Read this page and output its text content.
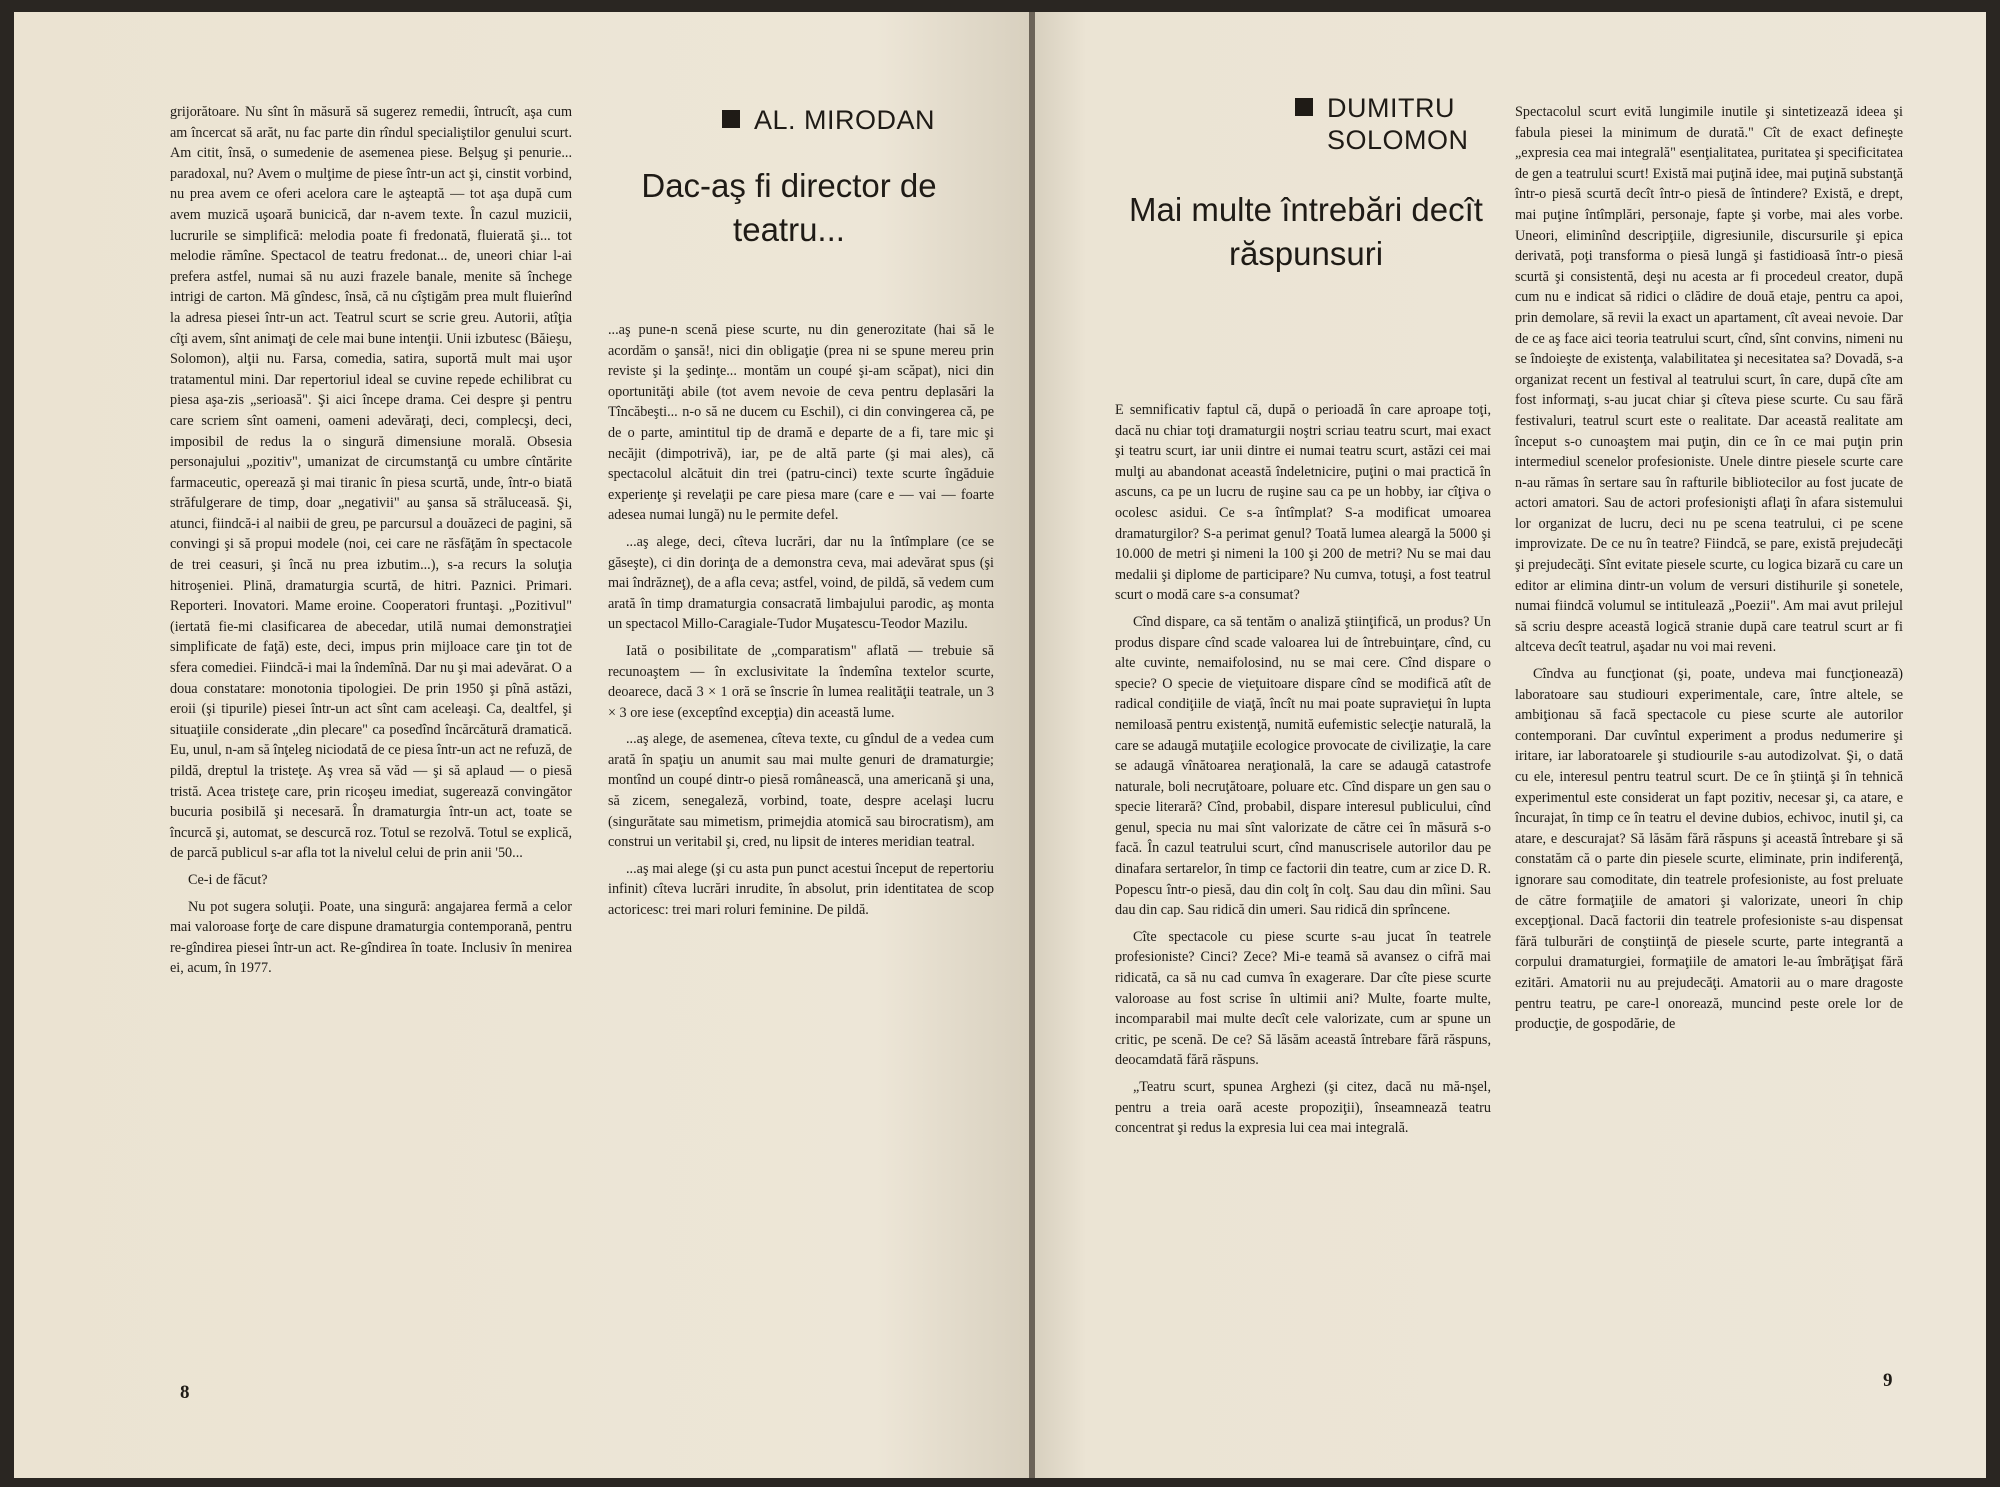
grijorătoare. Nu sînt în măsură să sugerez remedii, întrucît, aşa cum am încercat să arăt, nu fac parte din rîndul specialiştilor genului scurt. Am citit, însă, o sumedenie de asemenea piese. Belşug şi penurie... paradoxal, nu? Avem o mulţime de piese într-un act şi, cinstit vorbind, nu prea avem ce oferi acelora care le aşteaptă — tot aşa după cum avem muzică uşoară bunicică, dar n-avem texte. În cazul muzicii, lucrurile se simplifică: melodia poate fi fredonată, fluierată şi... tot melodie rămîne. Spectacol de teatru fredonat... de, uneori chiar l-ai prefera astfel, numai să nu auzi frazele banale, menite să închege intrigi de carton. Mă gîndesc, însă, că nu cîştigăm prea mult fluierînd la adresa piesei într-un act. Teatrul scurt se scrie greu. Autorii, atîţia cîţi avem, sînt animaţi de cele mai bune intenţii. Unii izbutesc (Băieşu, Solomon), alţii nu. Farsa, comedia, satira, suportă mult mai uşor tratamentul mini. Dar repertoriul ideal se cuvine repede echilibrat cu piesa aşa-zis „serioasă". Şi aici începe drama. Cei despre şi pentru care scriem sînt oameni, oameni adevăraţi, deci, complecşi, deci, imposibil de redus la o singură dimensiune morală. Obsesia personajului „pozitiv", umanizat de circumstanţă cu umbre cîntărite farmaceutic, operează şi mai tiranic în piesa scurtă, unde, într-o biată străfulgerare de timp, doar „negativii" au şansa să străluceasă. Şi, atunci, fiindcă-i al naibii de greu, pe parcursul a douăzeci de pagini, să convingi şi să propui modele (noi, cei care ne răsfăţăm în spectacole de trei ceasuri, şi încă nu prea izbutim...), s-a recurs la soluţia hitroşeniei. Plină, dramaturgia scurtă, de hitri. Paznici. Primari. Reporteri. Inovatori. Mame eroine. Cooperatori fruntaşi. „Pozitivul" (iertată fie-mi clasificarea de abecedar, utilă numai demonstraţiei simplificate de faţă) este, deci, impus prin mijloace care ţin tot de sfera comediei. Fiindcă-i mai la îndemînă. Dar nu şi mai adevărat. O a doua constatare: monotonia tipologiei. De prin 1950 şi pînă astăzi, eroii (şi tipurile) piesei într-un act sînt cam aceleaşi. Ca, dealtfel, şi situaţiile considerate „din plecare" ca posedînd încărcătură dramatică. Eu, unul, n-am să înţeleg niciodată de ce piesa într-un act ne refuză, de pildă, dreptul la tristeţe. Aş vrea să văd — şi să aplaud — o piesă tristă. Acea tristeţe care, prin ricoşeu imediat, sugerează convingător bucuria posibilă şi necesară. În dramaturgia într-un act, toate se încurcă şi, automat, se descurcă roz. Totul se rezolvă. Totul se explică, de parcă publicul s-ar afla tot la nivelul celui de prin anii '50...

Ce-i de făcut?

Nu pot sugera soluţii. Poate, una singură: angajarea fermă a celor mai valoroase forţe de care dispune dramaturgia contemporană, pentru re-gîndirea piesei într-un act. Re-gîndirea în toate. Inclusiv în menirea ei, acum, în 1977.

AL. MIRODAN
Dac-aş fi director de teatru...

...aş pune-n scenă piese scurte, nu din generozitate (hai să le acordăm o şansă!, nici din obligaţie (prea ni se spune mereu prin reviste şi la şedinţe... montăm un coupé şi-am scăpat), nici din oportunităţi abile (tot avem nevoie de ceva pentru deplasări la Tîncăbeşti... n-o să ne ducem cu Eschil), ci din convingerea că, pe de o parte, amintitul tip de dramă e departe de a fi, tare mic şi necăjit (dimpotrivă), iar, pe de altă parte (şi mai ales), că spectacolul alcătuit din trei (patru-cinci) texte scurte îngăduie experienţe şi revelaţii pe care piesa mare (care e — vai — foarte adesea numai lungă) nu le permite defel.

...aş alege, deci, cîteva lucrări, dar nu la întîmplare (ce se găseşte), ci din dorinţa de a demonstra ceva, mai adevărat spus (şi mai îndrăzneţ), de a afla ceva; astfel, voind, de pildă, să vedem cum arată în timp dramaturgia consacrată limbajului parodic, aş monta un spectacol Millo-Caragiale-Tudor Muşatescu-Teodor Mazilu.

Iată o posibilitate de „comparatism" aflată — trebuie să recunoaştem — în exclusivitate la îndemîna textelor scurte, deoarece, dacă 3 × 1 oră se înscrie în lumea realităţii teatrale, un 3 × 3 ore iese (exceptînd excepţia) din această lume.

...aş alege, de asemenea, cîteva texte, cu gîndul de a vedea cum arată în spaţiu un anumit sau mai multe genuri de dramaturgie; montînd un coupé dintr-o piesă românească, una americană şi una, să zicem, senegaleză, vorbind, toate, despre acelaşi lucru (singurătate sau mimetism, primejdia atomică sau birocratism), am construi un veritabil şi, cred, nu lipsit de interes meridian teatral.

...aş mai alege (şi cu asta pun punct acestui început de repertoriu infinit) cîteva lucrări inrudite, în absolut, prin identitatea de scop actoricesc: trei mari roluri feminine. De pildă.

8
DUMITRU
SOLOMON
Mai multe întrebări decît răspunsuri

E semnificativ faptul că, după o perioadă în care aproape toţi, dacă nu chiar toţi dramaturgii noştri scriau teatru scurt, mai exact şi teatru scurt, iar unii dintre ei numai teatru scurt, astăzi cei mai mulţi au abandonat această îndeletnicire, puţini o mai practică în ascuns, ca pe un lucru de ruşine sau ca pe un hobby, iar cîţiva o ocolesc asidui. Ce s-a întîmplat? S-a modificat umoarea dramaturgilor? S-a perimat genul? Toată lumea aleargă la 5000 şi 10.000 de metri şi nimeni la 100 şi 200 de metri? Nu se mai dau medalii şi diplome de participare? Nu cumva, totuşi, a fost teatrul scurt o modă care s-a consumat?

Cînd dispare, ca să tentăm o analiză ştiinţifică, un produs? Un produs dispare cînd scade valoarea lui de întrebuinţare, cînd, cu alte cuvinte, nemaifolosind, nu se mai cere. Cînd dispare o specie? O specie de vieţuitoare dispare cînd se modifică atît de radical condiţiile de viaţă, încît nu mai poate supravieţui în lupta nemiloasă pentru existenţă, numită eufemistic selecţie naturală, la care se adaugă mutaţiile ecologice provocate de civilizaţie, la care se adaugă vînătoarea neraţională, la care se adaugă catastrofe naturale, boli necruţătoare, poluare etc. Cînd dispare un gen sau o specie literară? Cînd, probabil, dispare interesul publicului, cînd genul, specia nu mai sînt valorizate de către cei în măsură s-o facă. În cazul teatrului scurt, cînd manuscrisele autorilor dau pe dinafara sertarelor, în timp ce factorii din teatre, cum ar zice D. R. Popescu într-o piesă, dau din colţ în colţ. Sau dau din mîini. Sau dau din cap. Sau ridică din umeri. Sau ridică din sprîncene.

Cîte spectacole cu piese scurte s-au jucat în teatrele profesioniste? Cinci? Zece? Mi-e teamă să avansez o cifră mai ridicată, ca să nu cad cumva în exagerare. Dar cîte piese scurte valoroase au fost scrise în ultimii ani? Multe, foarte multe, incomparabil mai multe decît cele valorizate, cum ar spune un critic, pe scenă. De ce? Să lăsăm această întrebare fără răspuns, deocamdată fără răspuns.

„Teatru scurt, spunea Arghezi (şi citez, dacă nu mă-nşel, pentru a treia oară aceste propoziţii), înseamnează teatru concentrat şi redus la expresia lui cea mai integrală.

Spectacolul scurt evită lungimile inutile şi sintetizează ideea şi fabula piesei la minimum de durată." Cît de exact defineşte „expresia cea mai integrală" esenţialitatea, puritatea şi specificitatea de gen a teatrului scurt! Există mai puţină idee, mai puţină substanţă într-o piesă scurtă decît într-o piesă de întindere? Există, e drept, mai puţine întîmplări, personaje, fapte şi vorbe, mai ales vorbe. Uneori, eliminînd descripţiile, digresiunile, discursurile şi epica derivată, poţi transforma o piesă lungă şi fastidioasă într-o piesă scurtă şi consistentă, deşi nu acesta ar fi procedeul creator, după cum nu e indicat să ridici o clădire de două etaje, pentru ca apoi, prin demolare, să revii la exact un apartament, cît aveai nevoie. Dar de ce aş face aici teoria teatrului scurt, cînd, sînt convins, nimeni nu se îndoieşte de existenţa, valabilitatea şi necesitatea sa? Dovadă, s-a organizat recent un festival al teatrului scurt, în care, după cîte am fost informaţi, s-au jucat chiar şi cîteva piese scurte. Cu sau fără festivaluri, teatrul scurt este o realitate. Dar această realitate am început s-o cunoaştem mai puţin, din ce în ce mai puţin prin intermediul scenelor profesioniste. Unele dintre piesele scurte care n-au rămas în sertare sau în rafturile bibliotecilor au fost jucate de actori amatori. Sau de actori profesionişti aflaţi în afara sistemului lor organizat de lucru, deci nu pe scena teatrului, ci pe scene improvizate. De ce nu în teatre? Fiindcă, se pare, există prejudecăţi şi prejudecăţi. Sînt evitate piesele scurte, cu logica bizară cu care un editor ar elimina dintr-un volum de versuri distihurile şi sonetele, numai fiindcă volumul se intitulează „Poezii". Am mai avut prilejul să scriu despre această logică stranie după care teatrul scurt ar fi altceva decît teatrul, aşadar nu voi mai reveni.

Cîndva au funcţionat (şi, poate, undeva mai funcţionează) laboratoare sau studiouri experimentale, care, între altele, se ambiţionau să facă spectacole cu piese scurte ale autorilor contemporani. Dar cuvîntul experiment a produs nedumerire şi iritare, iar laboratoarele şi studiourile s-au autodizolvat. Şi, o dată cu ele, interesul pentru teatrul scurt. De ce în ştiinţă şi în tehnică experimentul este considerat un fapt pozitiv, necesar şi, ca atare, e încurajat, în timp ce în teatru el devine dubios, echivoc, inutil şi, ca atare, e descurajat? Să lăsăm fără răspuns şi această întrebare şi să constatăm că o parte din piesele scurte, eliminate, prin indiferenţă, ignorare sau comoditate, din teatrele profesioniste, au fost preluate de către formaţiile de amatori şi valorizate, uneori în chip excepţional. Dacă factorii din teatrele profesioniste s-au dispensat fără tulburări de conştiinţă de piesele scurte, parte integrantă a corpului dramaturgiei, formaţiile de amatori le-au îmbrăţişat fără ezitări. Amatorii nu au prejudecăţi. Amatorii au o mare dragoste pentru teatru, pe care-l onorează, muncind peste orele lor de producţie, de gospodărie, de

9
